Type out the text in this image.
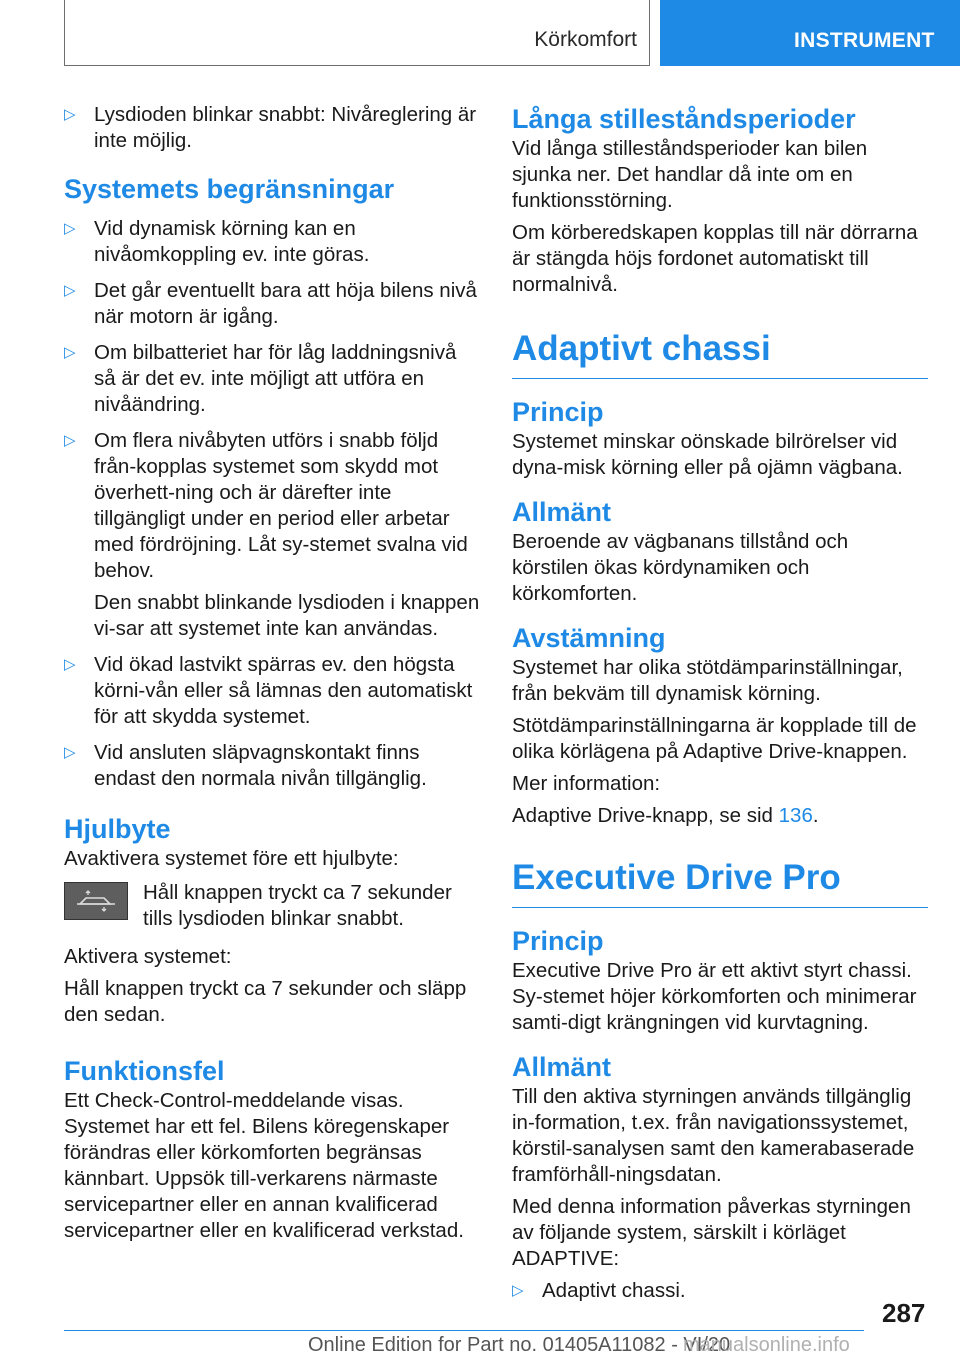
Körkomfort	INSTRUMENT
▷ Lysdioden blinkar snabbt: Nivåreglering är inte möjlig.

Systemets begränsningar
▷ Vid dynamisk körning kan en nivåomkoppling ev. inte göras.

▷ Det går eventuellt bara att höja bilens nivå när motorn är igång.

▷ Om bilbatteriet har för låg laddningsnivå så är det ev. inte möjligt att utföra en nivåändring.

▷ Om flera nivåbyten utförs i snabb följd från-kopplas systemet som skydd mot överhett-ning och är därefter inte tillgängligt under en period eller arbetar med fördröjning. Låt sy-stemet svalna vid behov.

Den snabbt blinkande lysdioden i knappen vi-sar att systemet inte kan användas.

▷ Vid ökad lastvikt spärras ev. den högsta körni-vån eller så lämnas den automatiskt för att skydda systemet.

▷ Vid ansluten släpvagnskontakt finns endast den normala nivån tillgänglig.

Hjulbyte

Avaktivera systemet före ett hjulbyte:

Håll knappen tryckt ca 7 sekunder tills lysdioden blinkar snabbt.

Aktivera systemet:

Håll knappen tryckt ca 7 sekunder och släpp den sedan.

Funktionsfel

Ett Check-Control-meddelande visas. Systemet har ett fel. Bilens köregenskaper förändras eller körkomforten begränsas kännbart. Uppsök till-verkarens närmaste servicepartner eller en annan kvalificerad servicepartner eller en kvalificerad verkstad.

Långa stilleståndsperioder

Vid långa stilleståndsperioder kan bilen sjunka ner. Det handlar då inte om en funktionsstörning.

Om körberedskapen kopplas till när dörrarna är stängda höjs fordonet automatiskt till normalnivå.

Adaptivt chassi
Princip

Systemet minskar oönskade bilrörelser vid dyna-misk körning eller på ojämn vägbana.

Allmänt

Beroende av vägbanans tillstånd och körstilen ökas kördynamiken och körkomforten.

Avstämning

Systemet har olika stötdämparinställningar, från bekväm till dynamisk körning.

Stötdämparinställningarna är kopplade till de olika körlägena på Adaptive Drive-knappen.

Mer information:

Adaptive Drive-knapp, se sid 136.

Executive Drive Pro
Princip

Executive Drive Pro är ett aktivt styrt chassi. Sy-stemet höjer körkomforten och minimerar samti-digt krängningen vid kurvtagning.

Allmänt

Till den aktiva styrningen används tillgänglig in-formation, t.ex. från navigationssystemet, körstil-sanalysen samt den kamerabaserade framförhåll-ningsdatan.

Med denna information påverkas styrningen av följande system, särskilt i körläget ADAPTIVE:

▷ Adaptivt chassi.

287
Online Edition for Part no. 01405A11082 - VI/20
manualsonline.info
